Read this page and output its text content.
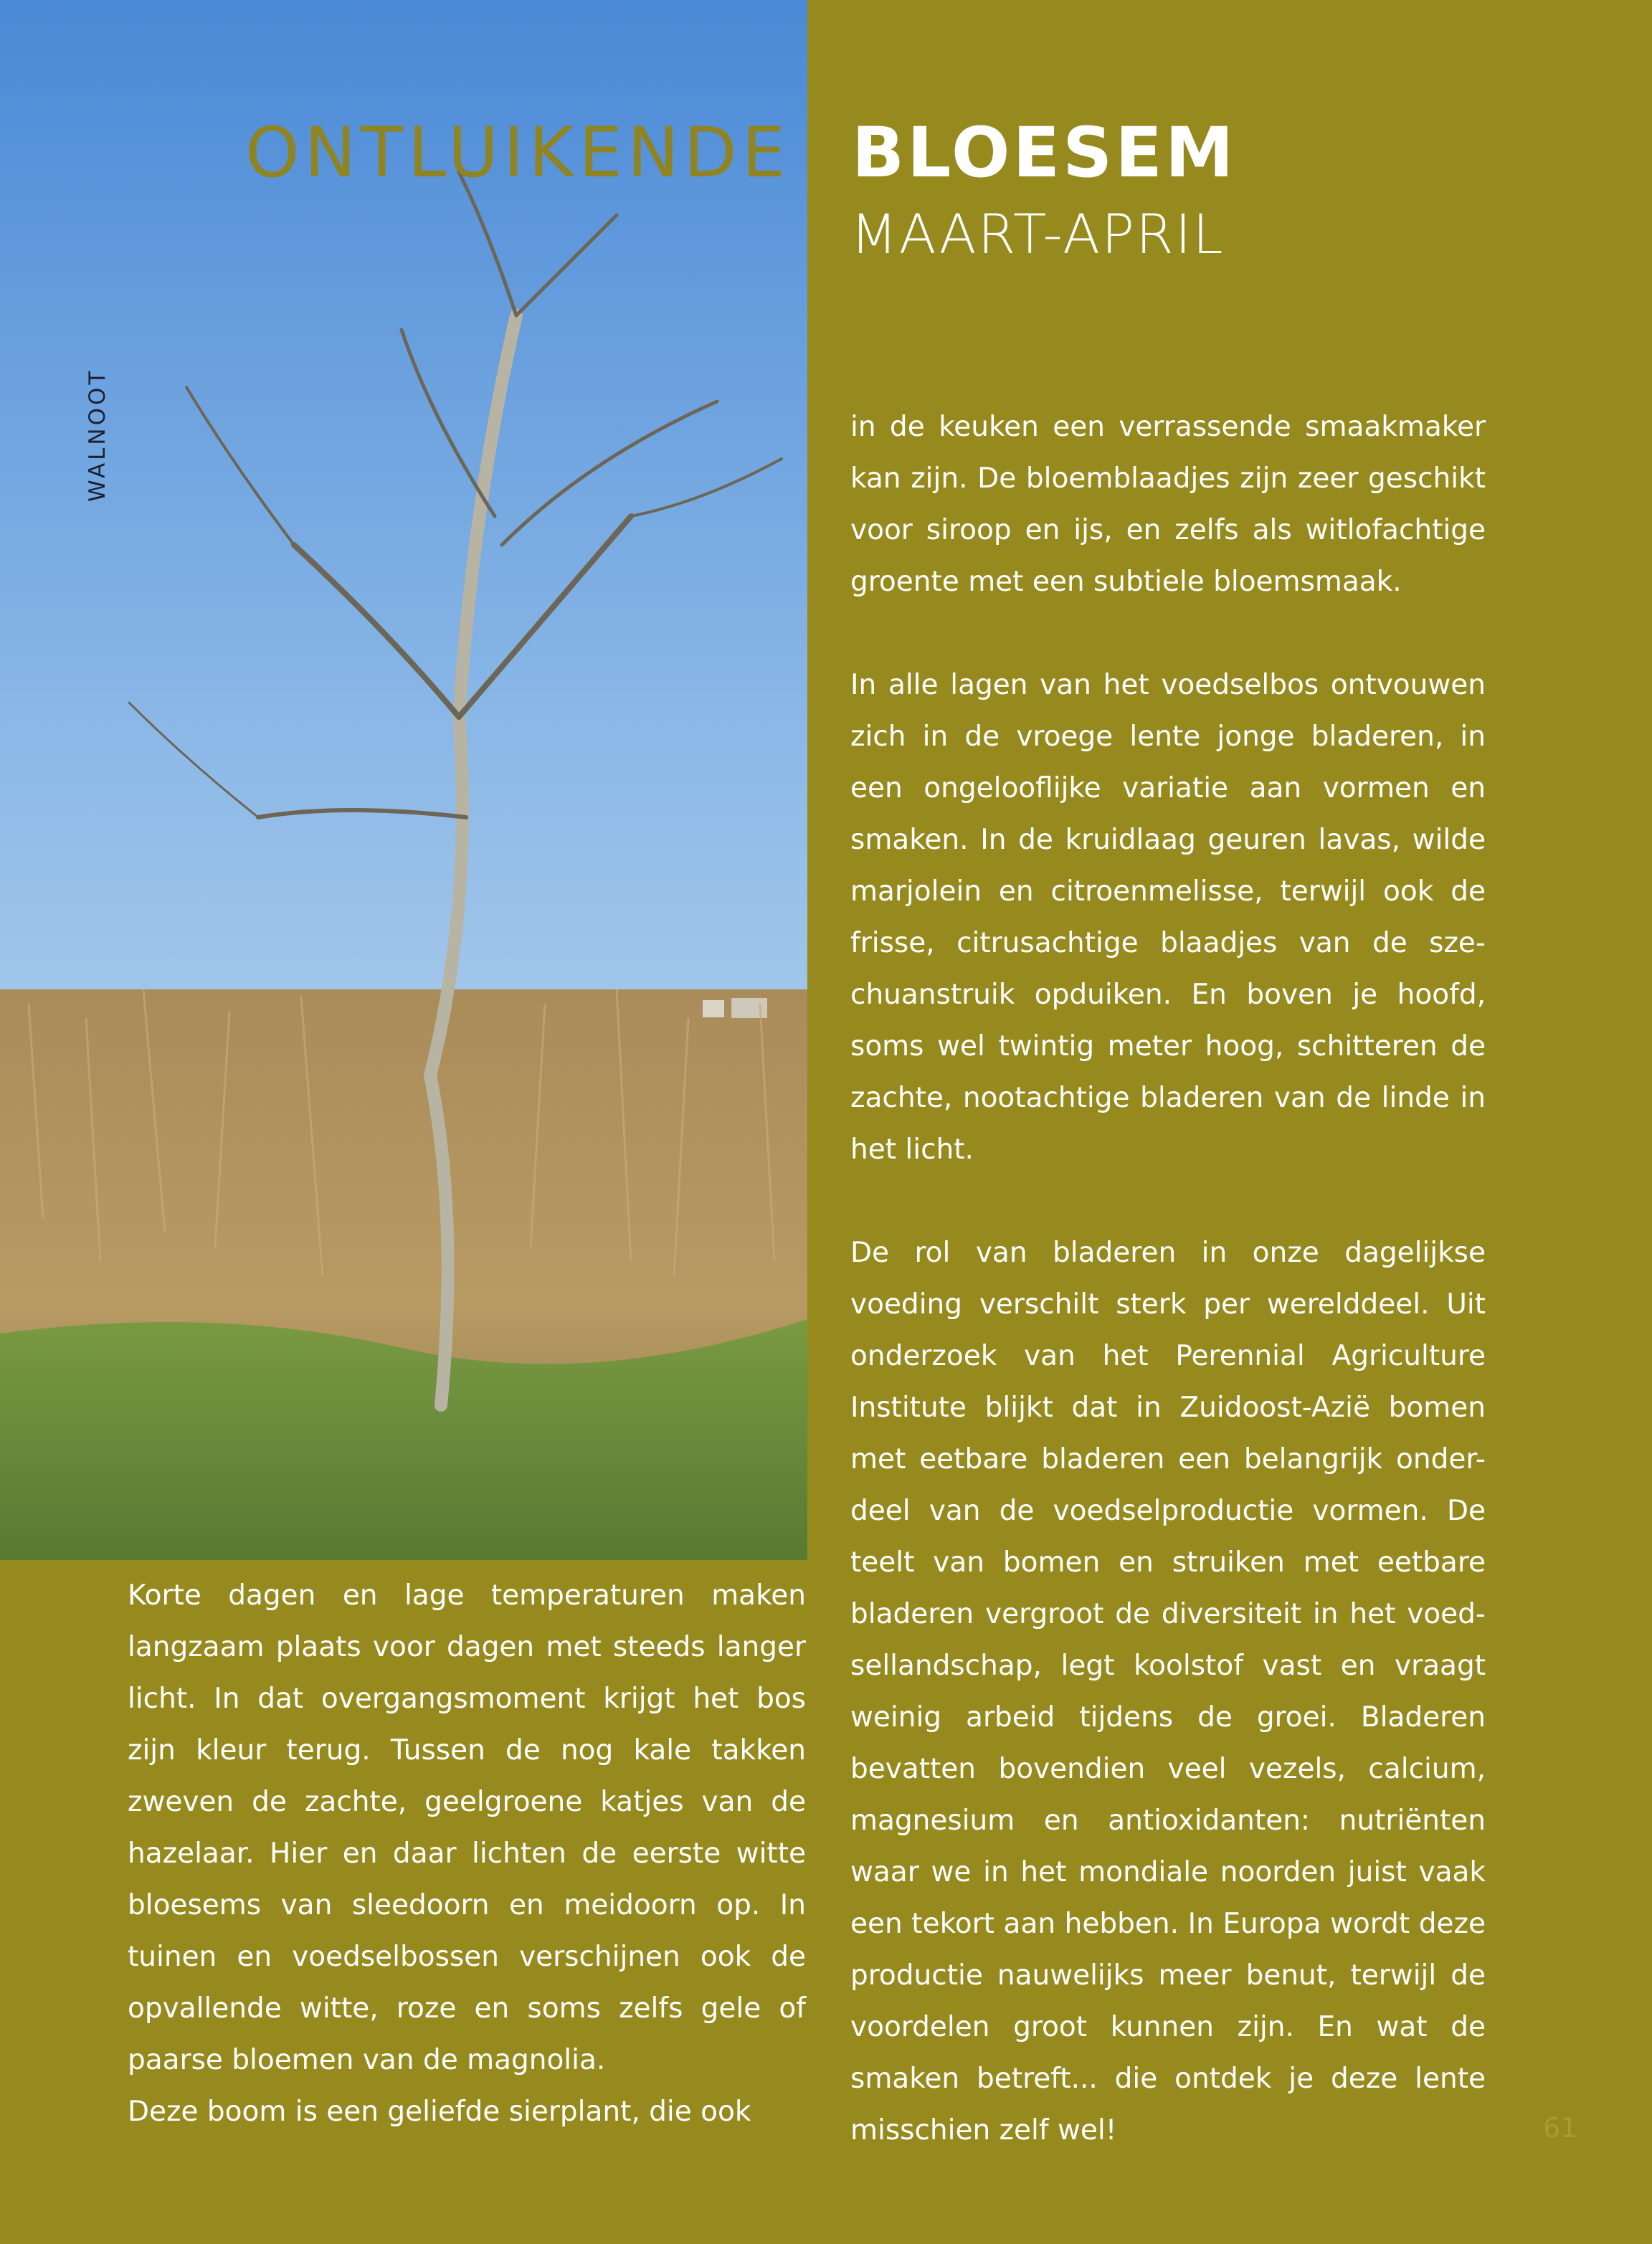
WALNOOT
ONTLUIKENDE BLOESEM
MAART-APRIL

in de keuken een verrassende smaakmaker kan zijn. De bloemblaadjes zijn zeer geschikt voor siroop en ijs, en zelfs als witlofachtige groente met een subtiele bloemsmaak.

In alle lagen van het voedselbos ontvouwen zich in de vroege lente jonge bladeren, in een ongelooflijke variatie aan vormen en smaken. In de kruidlaag geuren lavas, wilde marjolein en citroenmelisse, terwijl ook de frisse, citrusachtige blaadjes van de sze-chuanstruik opduiken. En boven je hoofd, soms wel twintig meter hoog, schitteren de zachte, nootachtige bladeren van de linde in het licht.

De rol van bladeren in onze dagelijkse voeding verschilt sterk per werelddeel. Uit onderzoek van het Perennial Agriculture Institute blijkt dat in Zuidoost-Azië bomen met eetbare bladeren een belangrijk onder-deel van de voedselproductie vormen. De teelt van bomen en struiken met eetbare bladeren vergroot de diversiteit in het voed-sellandschap, legt koolstof vast en vraagt weinig arbeid tijdens de groei. Bladeren bevatten bovendien veel vezels, calcium, magnesium en antioxidanten: nutriënten waar we in het mondiale noorden juist vaak een tekort aan hebben. In Europa wordt deze productie nauwelijks meer benut, terwijl de voordelen groot kunnen zijn. En wat de smaken betreft... die ontdek je deze lente misschien zelf wel!

Korte dagen en lage temperaturen maken langzaam plaats voor dagen met steeds langer licht. In dat overgangsmoment krijgt het bos zijn kleur terug. Tussen de nog kale takken zweven de zachte, geelgroene katjes van de hazelaar. Hier en daar lichten de eerste witte bloesems van sleedoorn en meidoorn op. In tuinen en voedselbossen verschijnen ook de opvallende witte, roze en soms zelfs gele of paarse bloemen van de magnolia.

Deze boom is een geliefde sierplant, die ook	61
